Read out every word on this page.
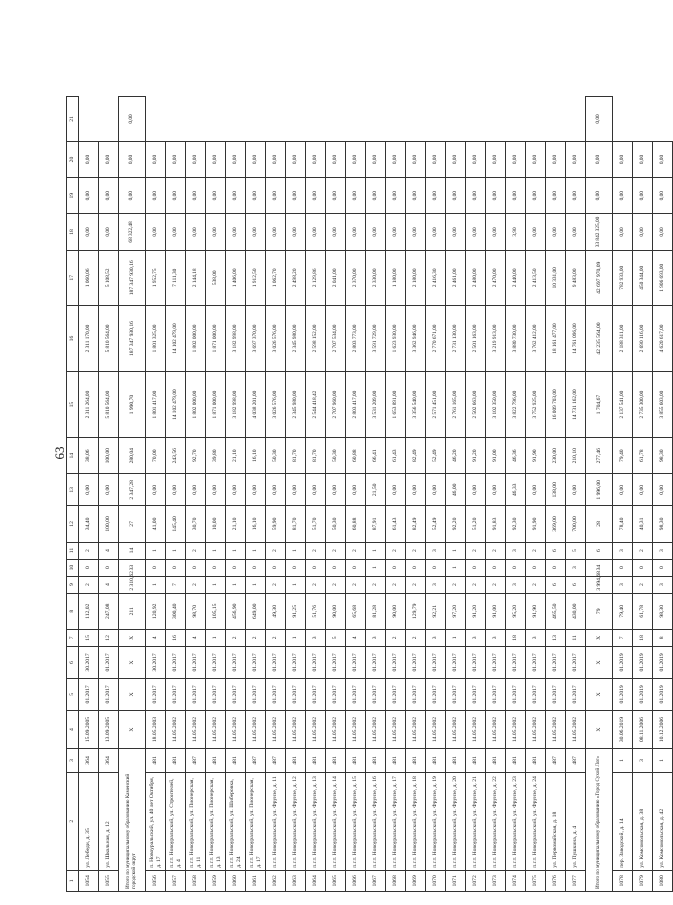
63
1	2	3	4	5	6	7	8	9	10	11	12	13	14	15	16	17	18	19	20	21
1054	ул. Лебеди, д. 35	364	15.09.2005	01.2017	30.2017	15	112,02	2	0	2	34,40	0,00	38,06	2 311 264,00	2 311 170,00	1 060,06	0,00	0,00	0,00	
1055	ул. Школьная, д. 12	364	13.09.2005	01.2017	01.2017	12	247,08	4	0	4	100,00	0,00	100,00	5 810 564,00	5 810 564,00	5 108,52	0,00	0,00	0,00	
Итого по муниципальному образованию Каменский городской округ			X	X	X	X	211	2 310,62	33	14	27	2 347,28	280,04	1 990,70	187 347 930,16	187 347 930,16	68 322,48	0,00	0,00	0,00
1056	п. Новоуральский, ул. 40 лет Октября, д. 17	481	18.05.2003	01.2017	30.2017	4	120,92	1	0	1	41,00	0,00	70,00	1 801 417,00	1 801 325,00	1 952,75	0,00	0,00	0,00	
1057	п.г.т. Новоуральский, ул. Строителей, д. 4	481	14.05.2002	01.2017	01.2017	16	300,40	7	0	1	145,40	0,00	243,56	14 102 479,00	14 102 479,00	7 111,30	0,00	0,00	0,00	
1058	п.г.т. Новоуральский, ул. Пионерская, д. 11	487	14.05.2002	01.2017	01.2017	4	98,70	2	0	2	30,70	0,00	92,70	1 802 000,00	1 802 000,00	2 144,18	0,00	0,00	0,00	
1059	п.г.т. Новоуральский, ул. Пионерская, д. 13	481	14.05.2002	01.2017	01.2017	1	105,15	1	0	1	10,00	0,00	39,80	1 871 000,00	1 871 000,00	538,00	0,00	0,00	0,00	
1060	п.г.т. Новоуральский, ул. Шиберовка, д. 24	481	14.05.2002	01.2017	01.2017	2	456,90	1	0	1	21,10	0,00	21,10	3 182 998,00	3 182 998,00	1 406,00	0,00	0,00	0,00	
1061	п.г.т. Новоуральский, ул. Пионерская, д. 17	487	14.05.2002	01.2017	01.2017	2	649,00	1	0	1	16,10	0,00	16,10	4 038 201,00	3 697 370,00	1 912,50	0,00	0,00	0,00	
1062	п.г.т. Новоуральский, ул. Фрунзе, д. 11	487	14.05.2002	01.2017	01.2017	2	49,30	2	0	2	59,90	0,00	50,30	3 026 576,00	3 026 576,00	1 062,70	0,00	0,00	0,00	
1063	п.г.т. Новоуральский, ул. Фрунзе, д. 12	481	14.05.2002	01.2017	01.2017	1	91,25	1	0	1	81,70	0,00	81,70	2 345 980,00	2 345 980,00	2 498,20	0,00	0,00	0,00	
1064	п.г.т. Новоуральский, ул. Фрунзе, д. 13	481	14.05.2002	01.2017	01.2017	3	51,76	2	0	2	51,70	0,00	81,70	2 544 418,42	2 598 152,00	2 129,86	0,00	0,00	0,00	
1065	п.г.т. Новоуральский, ул. Фрунзе, д. 14	481	14.05.2002	01.2017	01.2017	5	90,00	2	0	2	50,30	0,00	50,30	2 707 960,00	2 707 534,00	2 041,00	0,00	0,00	0,00	
1066	п.г.т. Новоуральский, ул. Фрунзе, д. 15	481	14.05.2002	01.2017	01.2017	4	65,68	2	0	2	60,88	0,00	60,88	2 803 417,00	2 803 773,00	2 370,00	0,00	0,00	0,00	
1067	п.г.т. Новоуральский, ул. Фрунзе, д. 16	481	14.05.2002	01.2017	01.2017	3	81,28	2	1	1	87,91	21,50	66,41	3 531 209,00	3 591 729,00	2 330,00	0,00	0,00	0,00	
1068	п.г.т. Новоуральский, ул. Фрунзе, д. 17	481	14.05.2002	01.2017	01.2017	2	90,00	2	0	2	61,43	0,00	61,43	1 653 891,00	1 623 930,00	1 180,00	0,00	0,00	0,00	
1069	п.г.т. Новоуральский, ул. Фрунзе, д. 18	481	14.05.2002	01.2017	01.2017	2	129,79	2	0	2	82,49	0,00	82,49	3 356 540,00	3 362 946,00	2 180,00	0,00	0,00	0,00	
1070	п.г.т. Новоуральский, ул. Фрунзе, д. 19	481	14.05.2002	01.2017	01.2017	3	92,21	3	0	3	52,49	0,00	52,49	2 571 451,00	2 770 671,00	2 416,30	0,00	0,00	0,00	
1071	п.г.т. Новоуральский, ул. Фрунзе, д. 20	481	14.05.2002	01.2017	01.2017	1	97,20	2	1	1	92,20	46,00	46,20	2 761 165,00	2 731 130,00	2 461,00	0,00	0,00	0,00	
1072	п.г.т. Новоуральский, ул. Фрунзе, д. 21	481	14.05.2002	01.2017	01.2017	3	91,20	2	0	2	51,20	0,00	91,20	2 502 663,00	2 501 163,00	2 480,00	0,00	0,00	0,00	
1073	п.г.т. Новоуральский, ул. Фрунзе, д. 22	481	14.05.2002	01.2017	01.2017	3	91,00	2	0	2	91,83	0,00	91,00	3 102 350,00	3 219 913,00	2 470,00	0,00	0,00	0,00	
1074	п.г.т. Новоуральский, ул. Фрунзе, д. 23	481	14.05.2002	01.2017	01.2017	18	95,20	3	0	3	92,30	46,33	46,36	3 822 796,00	3 880 730,00	2 440,00	3,90	0,00	0,00	
1075	п.г.т. Новоуральский, ул. Фрунзе, д. 24	481	14.05.2002	01.2017	01.2017	3	91,90	2	0	2	91,90	0,00	91,90	3 752 925,00	3 762 412,00	2 413,50	0,00	0,00	0,00	
1076	ул. Первомайская, д. 18	487	14.05.2002	01.2017	01.2017	13	465,50	6	0	6	369,00	138,00	230,00	16 009 703,00	18 161 477,00	10 331,00	0,00	0,00	0,00	
1077	ул. Пушкина, д. 4	487	14.05.2002	01.2017	01.2017	11	430,00	6	3	5	700,00	0,00	210,10	14 731 162,00	14 761 096,00	9 483,00	0,00	0,00	0,00	
Итого по муниципальному образованию «Город Сухой Лог»			X	X	X	X	79	3 994,68	34	6	28	1 996,00	277,46	1 704,67	42 235 564,00	42 697 970,09	33 842 325,00	0,00	0,00	0,00
1078	пер. Заводской, д. 14	1	30.06.2019	01.2019	01.2019	7	79,40	3	0	3	78,40	0,00	79,40	2 137 541,00	2 188 311,00	782 933,00	0,00	0,00	0,00	
1079	ул. Комсомольская, д. 38	3	08.11.2006	01.2019	01.2019	18	61,78	2	0	2	40,31	0,00	61,78	2 735 300,00	2 690 116,00	450 344,00	0,00	0,00	0,00	
1080	ул. Комсомольская, д. 42	1	10.12.2006	01.2019	01.2019	8	98,30	3	0	3	98,30	0,00	98,30	3 855 603,00	4 620 617,00	1 906 693,00	0,00	0,00	0,00	
